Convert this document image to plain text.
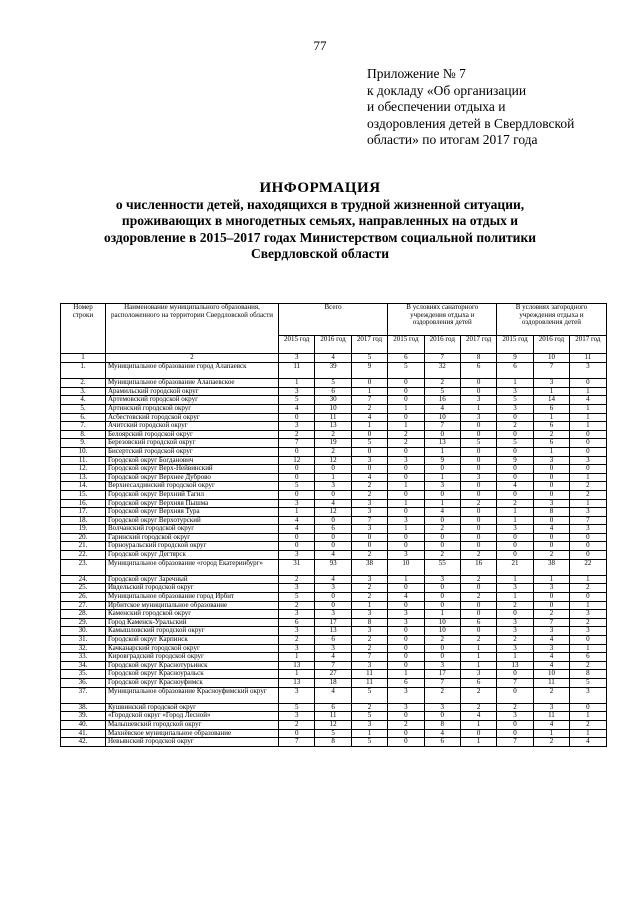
77
Приложение № 7
к докладу «Об организации
и обеспечении отдыха и
оздоровления детей в Свердловской
области» по итогам 2017 года
ИНФОРМАЦИЯ
о численности детей, находящихся в трудной жизненной ситуации,
проживающих в многодетных семьях, направленных на отдых и
оздоровление в 2015–2017 годах Министерством социальной политики
Свердловской области
Номер строки	Наименование муниципального образования, расположенного на территории Свердловской области	Всего			В условиях санаторного учреждения отдыха и оздоровления детей			В условиях загородного учреждения отдыха и оздоровления детей		
		2015 год	2016 год	2017 год	2015 год	2016 год	2017 год	2015 год	2016 год	2017 год
1	2	3	4	5	6	7	8	9	10	11
1.	Муниципальное образование город Алапаевск	11	39	9	5	32	6	6	7	3
2.	Муниципальное образование Алапаевское	1	5	0	0	2	0	1	3	0
3.	Арамильский городской округ	3	6	1	0	5	0	3	1	1
4.	Артемовский городской округ	5	30	7	0	16	3	5	14	4
5.	Артинский городской округ	4	10	2	1	4	1	3	6	1
6.	Асбестовский городской округ	0	11	4	0	10	3	0	1	1
7.	Ачитский городской округ	3	13	1	1	7	0	2	6	1
8.	Белоярский городской округ	2	2	0	2	0	0	0	2	0
9.	Березовский городской округ	7	19	5	2	13	5	5	6	0
10.	Бисертский городской округ	0	2	0	0	1	0	0	1	0
11.	Городской округ Богданович	12	12	3	3	9	0	9	3	3
12.	Городской округ Верх-Нейвинский	0	0	0	0	0	0	0	0	0
13.	Городской округ Верхнее Дуброво	0	1	4	0	1	3	0	0	1
14.	Верхнесалдинский городской округ	5	3	2	1	3	0	4	0	2
15.	Городской округ Верхний Тагил	0	0	2	0	0	0	0	0	2
16.	Городской округ Верхняя Пышма	3	4	3	1	1	2	2	3	1
17.	Городской округ Верхняя Тура	1	12	3	0	4	0	1	8	3
18.	Городской округ Верхотурский	4	0	7	3	0	0	1	0	7
19.	Волчанский городской округ	4	6	3	1	2	0	3	4	3
20.	Гаринский городской округ	0	0	0	0	0	0	0	0	0
21.	Горноуральский городской округ	0	0	0	0	0	0	0	0	0
22.	Городской округ Дегтярск	3	4	2	3	2	2	0	2	0
23.	Муниципальное образование «город Екатеринбург»	31	93	38	10	55	16	21	38	22
24.	Городской округ Заречный	2	4	3	1	3	2	1	1	1
25.	Ивдельский городской округ	3	3	2	0	0	0	3	3	2
26.	Муниципальное образование город Ирбит	5	0	2	4	0	2	1	0	0
27.	Ирбитское муниципальное образование	2	0	1	0	0	0	2	0	1
28.	Каменский городской округ	3	3	3	3	1	0	0	2	3
29.	Город Каменск-Уральский	6	17	8	3	10	6	3	7	2
30.	Камышловский городской округ	3	13	3	0	10	0	3	3	3
31.	Городской округ Карпинск	2	6	2	0	2	2	2	4	0
32.	Качканарский городской округ	3	3	2	0	0	1	3	3	1
33.	Кировградский городской округ	1	4	7	0	0	1	1	4	6
34.	Городской округ Краснотурьинск	13	7	3	0	3	1	13	4	2
35.	Городской округ Красноуральск	1	27	11	1	17	3	0	10	8
36.	Городской округ Красноуфимск	13	18	11	6	7	6	7	11	5
37.	Муниципальное образование Красноуфимский округ	3	4	5	3	2	2	0	2	3
38.	Кушвинский городской округ	5	6	2	3	3	2	2	3	0
39.	«Городской округ «Город Лесной»	3	11	5	0	0	4	3	11	1
40.	Малышевский городской округ	2	12	3	2	8	1	0	4	2
41.	Махнёвское муниципальное образование	0	5	1	0	4	0	0	1	1
42.	Невьянский городской округ	7	8	5	0	6	1	7	2	4
